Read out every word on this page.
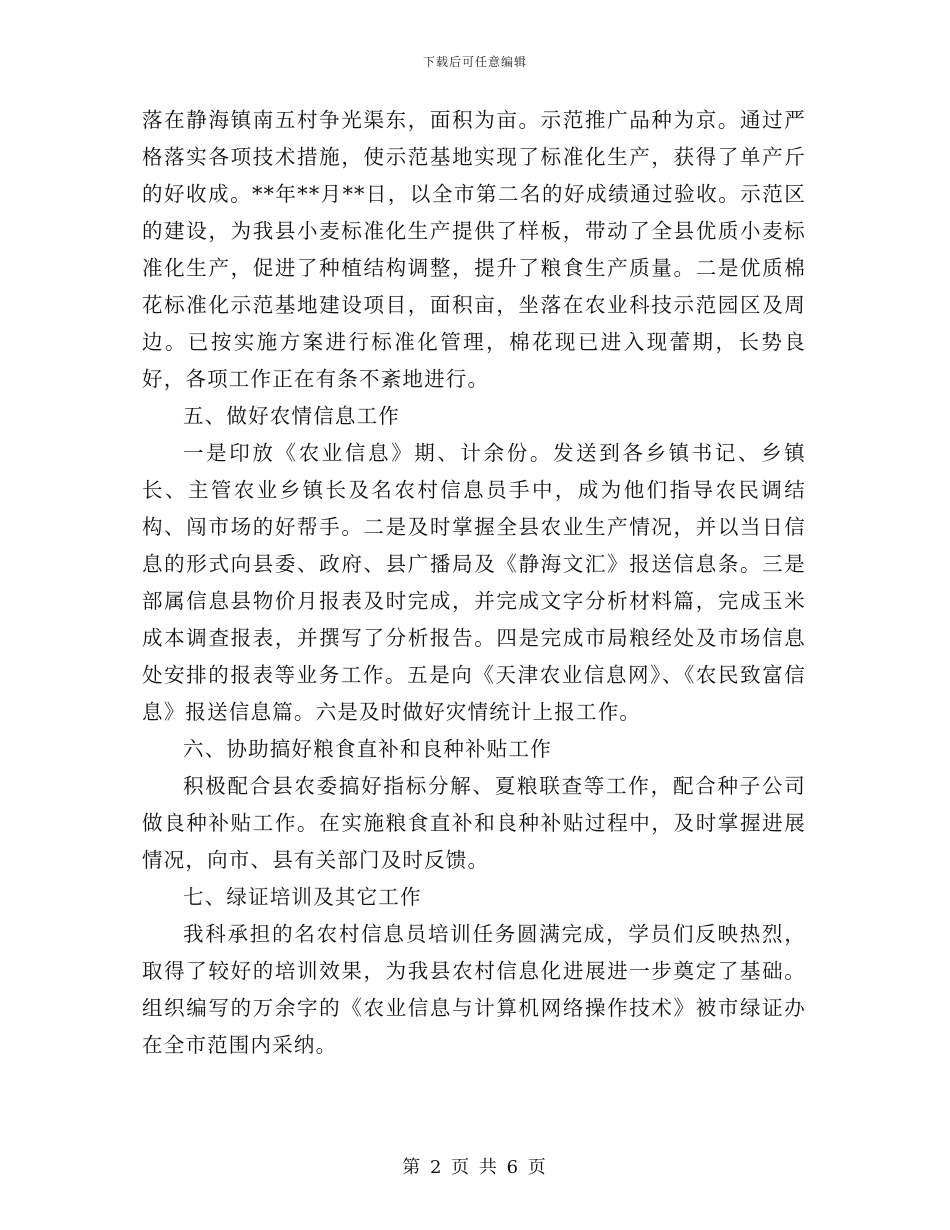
下载后可任意编辑

落在静海镇南五村争光渠东，面积为亩。示范推广品种为京。通过严格落实各项技术措施，使示范基地实现了标准化生产，获得了单产斤的好收成。**年**月**日，以全市第二名的好成绩通过验收。示范区的建设，为我县小麦标准化生产提供了样板，带动了全县优质小麦标准化生产，促进了种植结构调整，提升了粮食生产质量。二是优质棉花标准化示范基地建设项目，面积亩，坐落在农业科技示范园区及周边。已按实施方案进行标准化管理，棉花现已进入现蕾期，长势良好，各项工作正在有条不紊地进行。

五、做好农情信息工作

一是印放《农业信息》期、计余份。发送到各乡镇书记、乡镇长、主管农业乡镇长及名农村信息员手中，成为他们指导农民调结构、闯市场的好帮手。二是及时掌握全县农业生产情况，并以当日信息的形式向县委、政府、县广播局及《静海文汇》报送信息条。三是部属信息县物价月报表及时完成，并完成文字分析材料篇，完成玉米成本调查报表，并撰写了分析报告。四是完成市局粮经处及市场信息处安排的报表等业务工作。五是向《天津农业信息网》、《农民致富信息》报送信息篇。六是及时做好灾情统计上报工作。

六、协助搞好粮食直补和良种补贴工作

积极配合县农委搞好指标分解、夏粮联查等工作，配合种子公司做良种补贴工作。在实施粮食直补和良种补贴过程中，及时掌握进展情况，向市、县有关部门及时反馈。

七、绿证培训及其它工作

我科承担的名农村信息员培训任务圆满完成，学员们反映热烈，取得了较好的培训效果，为我县农村信息化进展进一步奠定了基础。组织编写的万余字的《农业信息与计算机网络操作技术》被市绿证办在全市范围内采纳。

第 2 页 共 6 页
